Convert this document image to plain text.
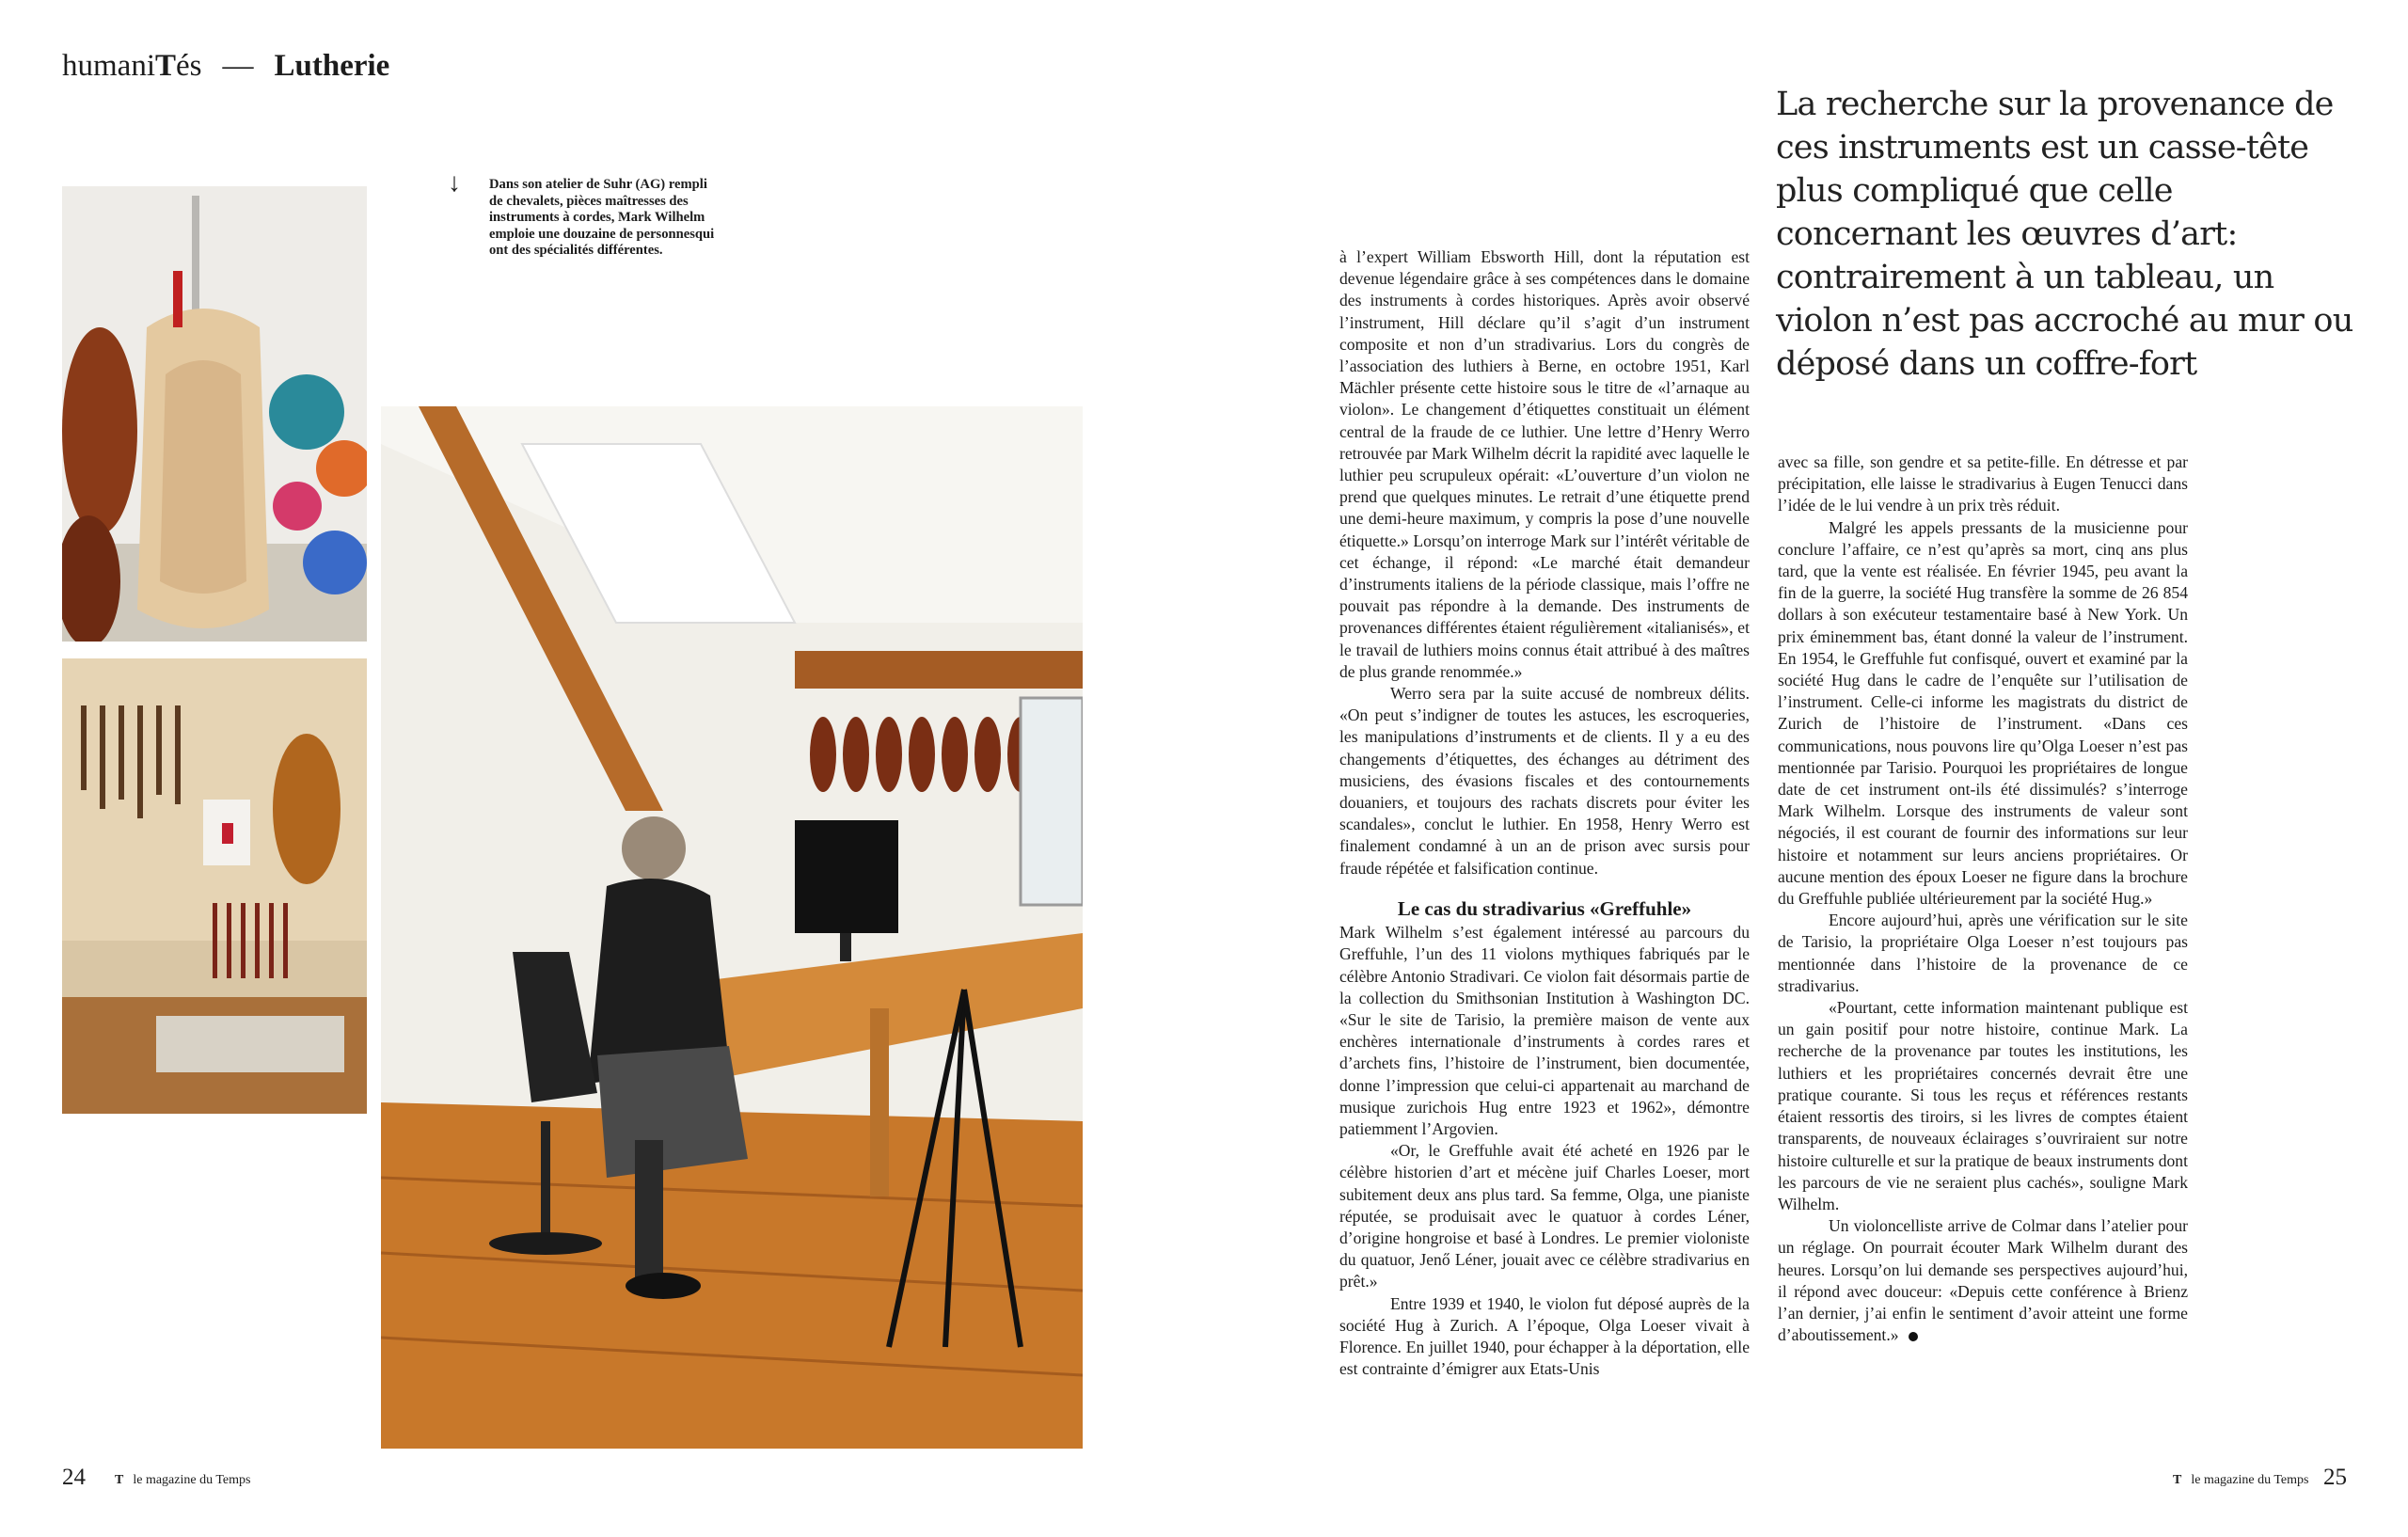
humaniTés — Lutherie
↓ Dans son atelier de Suhr (AG) rempli de chevalets, pièces maîtresses des instruments à cordes, Mark Wilhelm emploie une douzaine de personnesqui ont des spécialités différentes.

La recherche sur la provenance de ces instruments est un casse-tête plus compliqué que celle concernant les œuvres d’art: contrairement à un tableau, un violon n’est pas accroché au mur ou déposé dans un coffre-fort

à l’expert William Ebsworth Hill, dont la réputation est devenue légendaire grâce à ses compétences dans le domaine des instruments à cordes historiques. Après avoir observé l’instrument, Hill déclare qu’il s’agit d’un instrument composite et non d’un stradivarius. Lors du congrès de l’association des luthiers à Berne, en octobre 1951, Karl Mächler présente cette histoire sous le titre de «l’arnaque au violon». Le changement d’étiquettes constituait un élément central de la fraude de ce luthier. Une lettre d’Henry Werro retrouvée par Mark Wilhelm décrit la rapidité avec laquelle le luthier peu scrupuleux opérait: «L’ouverture d’un violon ne prend que quelques minutes. Le retrait d’une étiquette prend une demi-heure maximum, y compris la pose d’une nouvelle étiquette.» Lorsqu’on interroge Mark sur l’intérêt véritable de cet échange, il répond: «Le marché était demandeur d’instruments italiens de la période classique, mais l’offre ne pouvait pas répondre à la demande. Des instruments de provenances différentes étaient régulièrement «italianisés», et le travail de luthiers moins connus était attribué à des maîtres de plus grande renommée.»

Werro sera par la suite accusé de nombreux délits. «On peut s’indigner de toutes les astuces, les escroqueries, les manipulations d’instruments et de clients. Il y a eu des changements d’étiquettes, des échanges au détriment des musiciens, des évasions fiscales et des contournements douaniers, et toujours des rachats discrets pour éviter les scandales», conclut le luthier. En 1958, Henry Werro est finalement condamné à un an de prison avec sursis pour fraude répétée et falsification continue.

Le cas du stradivarius «Greffuhle»

Mark Wilhelm s’est également intéressé au parcours du Greffuhle, l’un des 11 violons mythiques fabriqués par le célèbre Antonio Stradivari. Ce violon fait désormais partie de la collection du Smithsonian Institution à Washington DC. «Sur le site de Tarisio, la première maison de vente aux enchères internationale d’instruments à cordes rares et d’archets fins, l’histoire de l’instrument, bien documentée, donne l’impression que celui-ci appartenait au marchand de musique zurichois Hug entre 1923 et 1962», démontre patiemment l’Argovien.

«Or, le Greffuhle avait été acheté en 1926 par le célèbre historien d’art et mécène juif Charles Loeser, mort subitement deux ans plus tard. Sa femme, Olga, une pianiste réputée, se produisait avec le quatuor à cordes Léner, d’origine hongroise et basé à Londres. Le premier violoniste du quatuor, Jenő Léner, jouait avec ce célèbre stradivarius en prêt.»

Entre 1939 et 1940, le violon fut déposé auprès de la société Hug à Zurich. A l’époque, Olga Loeser vivait à Florence. En juillet 1940, pour échapper à la déportation, elle est contrainte d’émigrer aux Etats-Unis

avec sa fille, son gendre et sa petite-fille. En détresse et par précipitation, elle laisse le stradivarius à Eugen Tenucci dans l’idée de le lui vendre à un prix très réduit.

Malgré les appels pressants de la musicienne pour conclure l’affaire, ce n’est qu’après sa mort, cinq ans plus tard, que la vente est réalisée. En février 1945, peu avant la fin de la guerre, la société Hug transfère la somme de 26 854 dollars à son exécuteur testamentaire basé à New York. Un prix éminemment bas, étant donné la valeur de l’instrument. En 1954, le Greffuhle fut confisqué, ouvert et examiné par la société Hug dans le cadre de l’enquête sur l’utilisation de l’instrument. Celle-ci informe les magistrats du district de Zurich de l’histoire de l’instrument. «Dans ces communications, nous pouvons lire qu’Olga Loeser n’est pas mentionnée par Tarisio. Pourquoi les propriétaires de longue date de cet instrument ont-ils été dissimulés? s’interroge Mark Wilhelm. Lorsque des instruments de valeur sont négociés, il est courant de fournir des informations sur leur histoire et notamment sur leurs anciens propriétaires. Or aucune mention des époux Loeser ne figure dans la brochure du Greffuhle publiée ultérieurement par la société Hug.»

Encore aujourd’hui, après une vérification sur le site de Tarisio, la propriétaire Olga Loeser n’est toujours pas mentionnée dans l’histoire de la provenance de ce stradivarius.

«Pourtant, cette information maintenant publique est un gain positif pour notre histoire, continue Mark. La recherche de la provenance par toutes les institutions, les luthiers et les propriétaires concernés devrait être une pratique courante. Si tous les reçus et références restants étaient ressortis des tiroirs, si les livres de comptes étaient transparents, de nouveaux éclairages s’ouvriraient sur notre histoire culturelle et sur la pratique de beaux instruments dont les parcours de vie ne seraient plus cachés», souligne Mark Wilhelm.

Un violoncelliste arrive de Colmar dans l’atelier pour un réglage. On pourrait écouter Mark Wilhelm durant des heures. Lorsqu’on lui demande ses perspectives aujourd’hui, il répond avec douceur: «Depuis cette conférence à Brienz l’an dernier, j’ai enfin le sentiment d’avoir atteint une forme d’aboutissement.»

24 T le magazine du Temps	T le magazine du Temps 25
